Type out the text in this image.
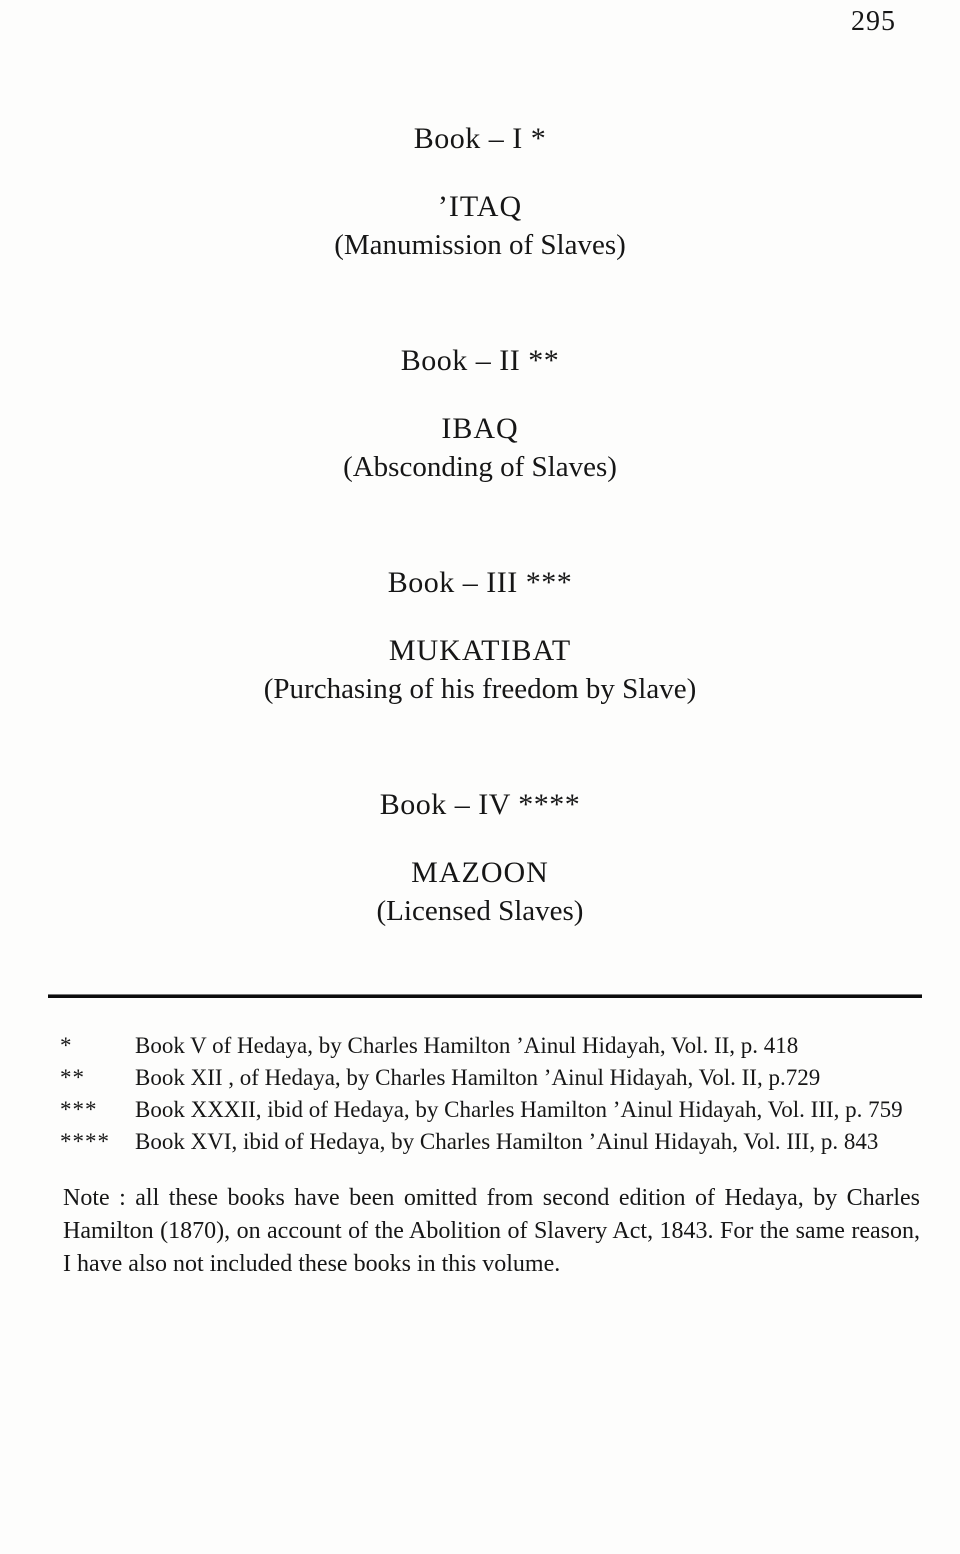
295
Book – I *
’ITAQ
(Manumission of Slaves)
Book – II **
IBAQ
(Absconding of Slaves)
Book – III ***
MUKATIBAT
(Purchasing of his freedom by Slave)
Book – IV ****
MAZOON
(Licensed Slaves)
*	Book V of Hedaya, by Charles Hamilton ’Ainul Hidayah, Vol. II, p. 418
** Book XII , of Hedaya, by Charles Hamilton ’Ainul Hidayah, Vol. II, p.729
*** Book XXXII, ibid of Hedaya, by Charles Hamilton ’Ainul Hidayah, Vol. III, p. 759
**** Book XVI, ibid of Hedaya, by Charles Hamilton ’Ainul Hidayah, Vol. III, p. 843
Note : all these books have been omitted from second edition of Hedaya, by Charles Hamilton (1870), on account of the Abolition of Slavery Act, 1843. For the same reason, I have also not included these books in this volume.
